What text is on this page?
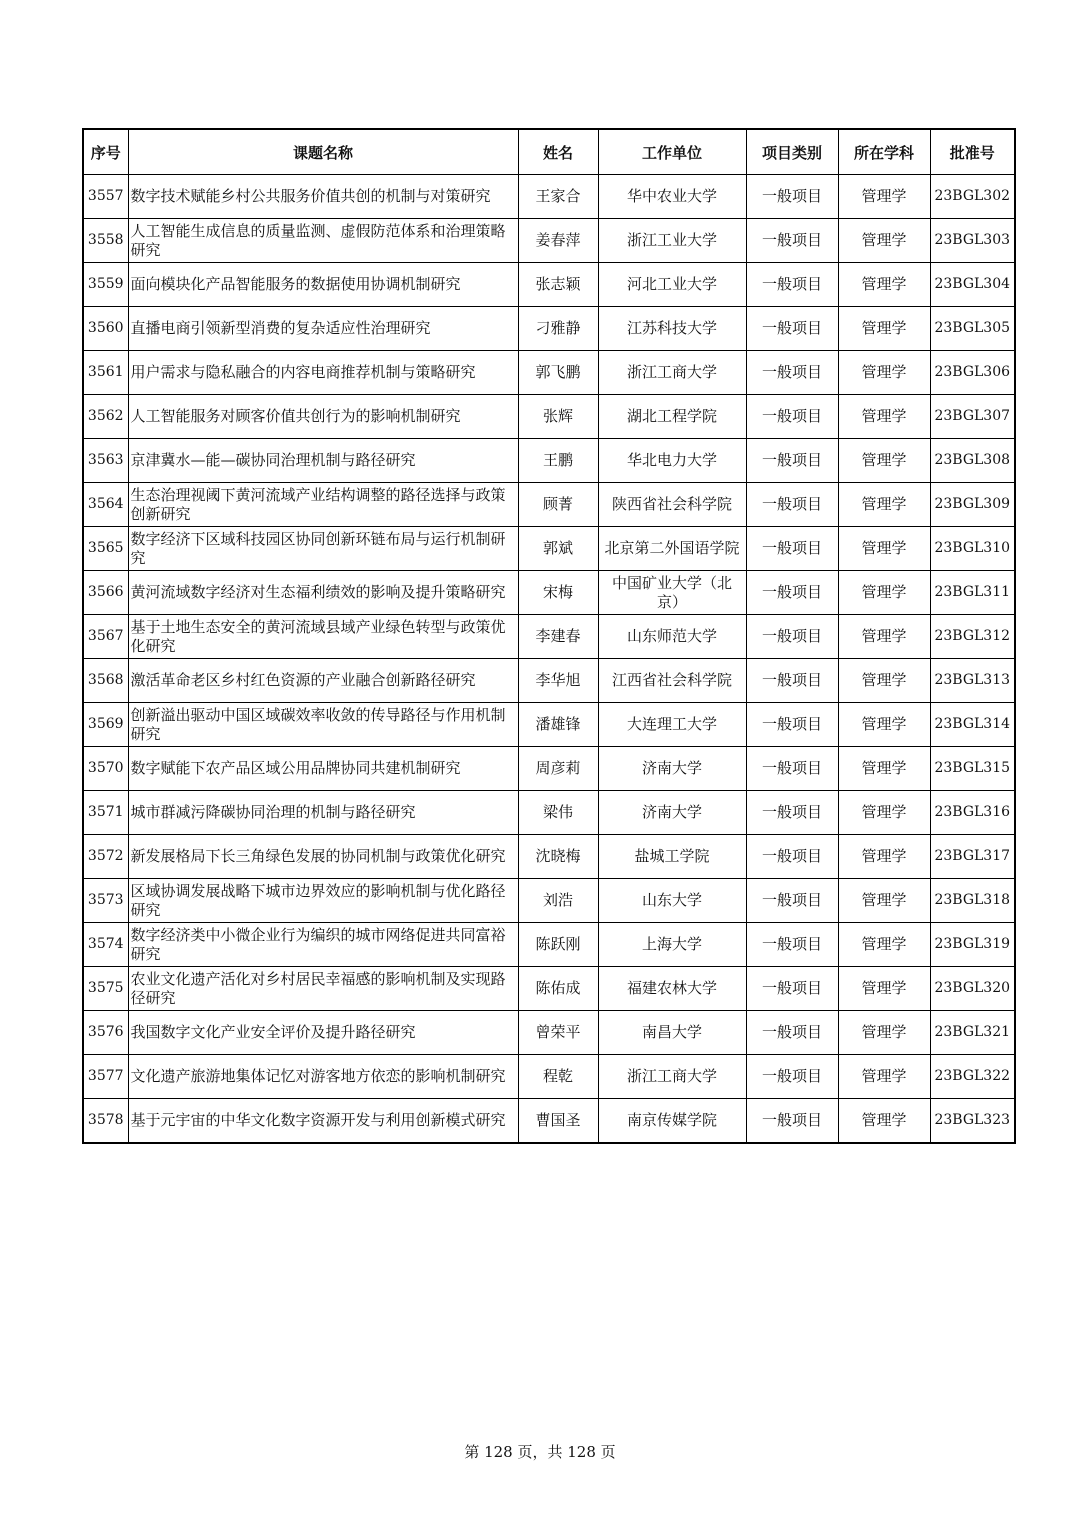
序号	课题名称	姓名	工作单位	项目类别	所在学科	批准号
3557	数字技术赋能乡村公共服务价值共创的机制与对策研究	王家合	华中农业大学	一般项目	管理学	23BGL302
3558	人工智能生成信息的质量监测、虚假防范体系和治理策略研究	姜春萍	浙江工业大学	一般项目	管理学	23BGL303
3559	面向模块化产品智能服务的数据使用协调机制研究	张志颖	河北工业大学	一般项目	管理学	23BGL304
3560	直播电商引领新型消费的复杂适应性治理研究	刁雅静	江苏科技大学	一般项目	管理学	23BGL305
3561	用户需求与隐私融合的内容电商推荐机制与策略研究	郭飞鹏	浙江工商大学	一般项目	管理学	23BGL306
3562	人工智能服务对顾客价值共创行为的影响机制研究	张辉	湖北工程学院	一般项目	管理学	23BGL307
3563	京津冀水—能—碳协同治理机制与路径研究	王鹏	华北电力大学	一般项目	管理学	23BGL308
3564	生态治理视阈下黄河流域产业结构调整的路径选择与政策创新研究	顾菁	陕西省社会科学院	一般项目	管理学	23BGL309
3565	数字经济下区域科技园区协同创新环链布局与运行机制研究	郭斌	北京第二外国语学院	一般项目	管理学	23BGL310
3566	黄河流域数字经济对生态福利绩效的影响及提升策略研究	宋梅	中国矿业大学（北京）	一般项目	管理学	23BGL311
3567	基于土地生态安全的黄河流域县域产业绿色转型与政策优化研究	李建春	山东师范大学	一般项目	管理学	23BGL312
3568	激活革命老区乡村红色资源的产业融合创新路径研究	李华旭	江西省社会科学院	一般项目	管理学	23BGL313
3569	创新溢出驱动中国区域碳效率收敛的传导路径与作用机制研究	潘雄锋	大连理工大学	一般项目	管理学	23BGL314
3570	数字赋能下农产品区域公用品牌协同共建机制研究	周彦莉	济南大学	一般项目	管理学	23BGL315
3571	城市群减污降碳协同治理的机制与路径研究	梁伟	济南大学	一般项目	管理学	23BGL316
3572	新发展格局下长三角绿色发展的协同机制与政策优化研究	沈晓梅	盐城工学院	一般项目	管理学	23BGL317
3573	区域协调发展战略下城市边界效应的影响机制与优化路径研究	刘浩	山东大学	一般项目	管理学	23BGL318
3574	数字经济类中小微企业行为编织的城市网络促进共同富裕研究	陈跃刚	上海大学	一般项目	管理学	23BGL319
3575	农业文化遗产活化对乡村居民幸福感的影响机制及实现路径研究	陈佑成	福建农林大学	一般项目	管理学	23BGL320
3576	我国数字文化产业安全评价及提升路径研究	曾荣平	南昌大学	一般项目	管理学	23BGL321
3577	文化遗产旅游地集体记忆对游客地方依恋的影响机制研究	程乾	浙江工商大学	一般项目	管理学	23BGL322
3578	基于元宇宙的中华文化数字资源开发与利用创新模式研究	曹国圣	南京传媒学院	一般项目	管理学	23BGL323
第 128 页，共 128 页
